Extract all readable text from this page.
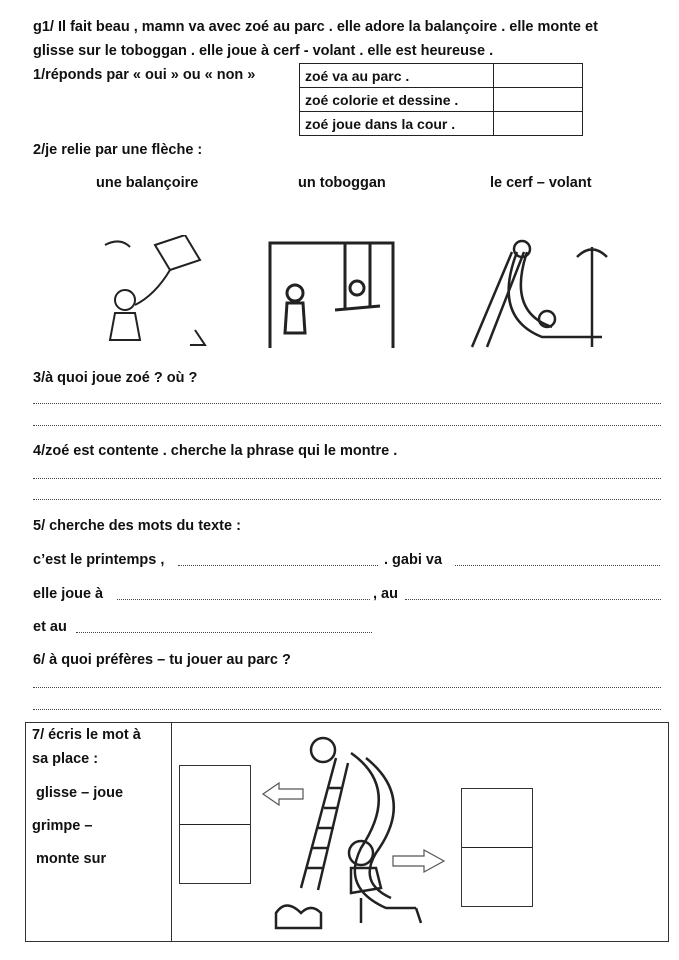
g1/ Il fait beau , mamn va avec zoé au parc . elle adore la balançoire . elle monte et
glisse sur le toboggan . elle joue à cerf - volant . elle est heureuse .
1/réponds par « oui » ou « non »	zoé va au parc .	
zoé colorie et dessine .	
zoé joue dans la cour .	
2/je relie par une flèche :
une balançoire	un toboggan	le cerf – volant
3/à quoi joue zoé ? où ?
4/zoé est contente . cherche la phrase qui le montre .
5/ cherche des mots du texte :
c’est le printemps ,	. gabi va
elle joue à	, au
et au
6/ à quoi préfères – tu jouer au parc ?
7/ écris le mot à
sa place :
glisse – joue
grimpe –
monte sur
